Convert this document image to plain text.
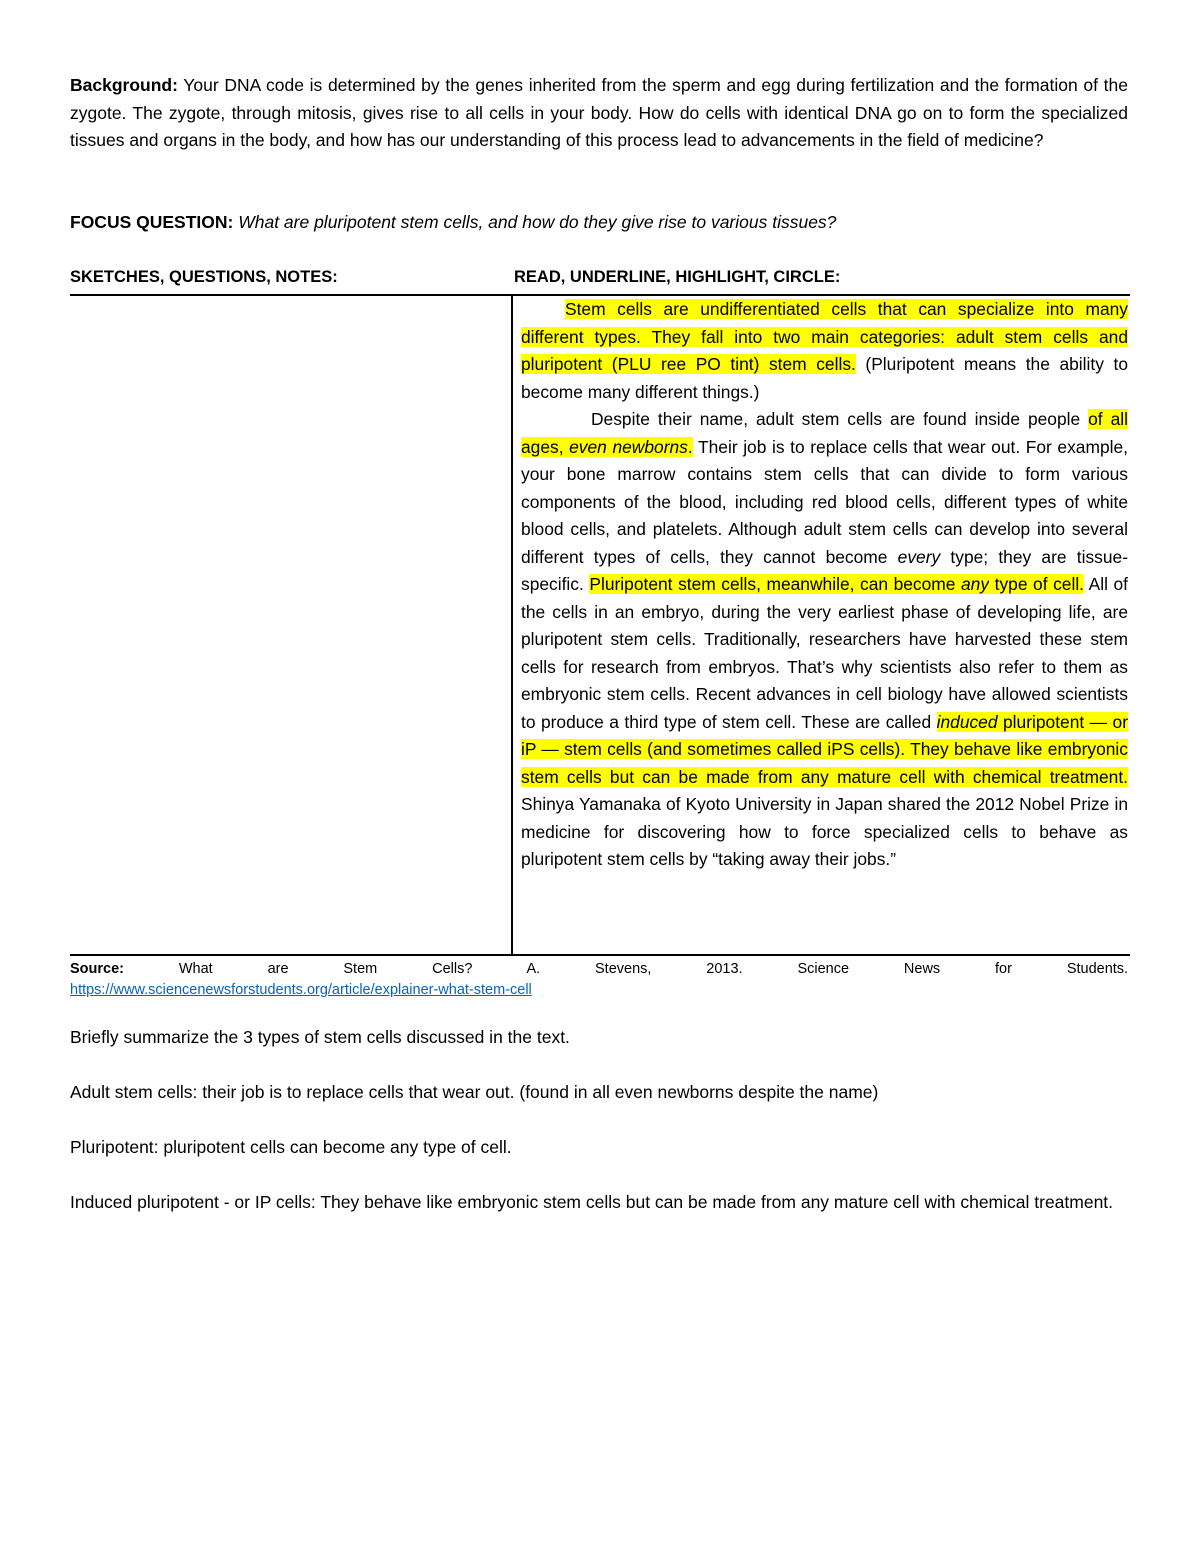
Background: Your DNA code is determined by the genes inherited from the sperm and egg during fertilization and the formation of the zygote. The zygote, through mitosis, gives rise to all cells in your body. How do cells with identical DNA go on to form the specialized tissues and organs in the body, and how has our understanding of this process lead to advancements in the field of medicine?
FOCUS QUESTION: What are pluripotent stem cells, and how do they give rise to various tissues?
SKETCHES, QUESTIONS, NOTES:	READ, UNDERLINE, HIGHLIGHT, CIRCLE:

Stem cells are undifferentiated cells that can specialize into many different types. They fall into two main categories: adult stem cells and pluripotent (PLU ree PO tint) stem cells. (Pluripotent means the ability to become many different things.)

Despite their name, adult stem cells are found inside people of all ages, even newborns. Their job is to replace cells that wear out. For example, your bone marrow contains stem cells that can divide to form various components of the blood, including red blood cells, different types of white blood cells, and platelets. Although adult stem cells can develop into several different types of cells, they cannot become every type; they are tissue-specific. Pluripotent stem cells, meanwhile, can become any type of cell. All of the cells in an embryo, during the very earliest phase of developing life, are pluripotent stem cells. Traditionally, researchers have harvested these stem cells for research from embryos. That’s why scientists also refer to them as embryonic stem cells. Recent advances in cell biology have allowed scientists to produce a third type of stem cell. These are called induced pluripotent — or iP — stem cells (and sometimes called iPS cells). They behave like embryonic stem cells but can be made from any mature cell with chemical treatment. Shinya Yamanaka of Kyoto University in Japan shared the 2012 Nobel Prize in medicine for discovering how to force specialized cells to behave as pluripotent stem cells by “taking away their jobs.”

Source:	What	are	Stem	Cells?	A.	Stevens,	2013.	Science	News	for	Students.
https://www.sciencenewsforstudents.org/article/explainer-what-stem-cell
Briefly summarize the 3 types of stem cells discussed in the text.
Adult stem cells: their job is to replace cells that wear out. (found in all even newborns despite the name)
Pluripotent: pluripotent cells can become any type of cell.
Induced pluripotent - or IP cells: They behave like embryonic stem cells but can be made from any mature cell with chemical treatment.
